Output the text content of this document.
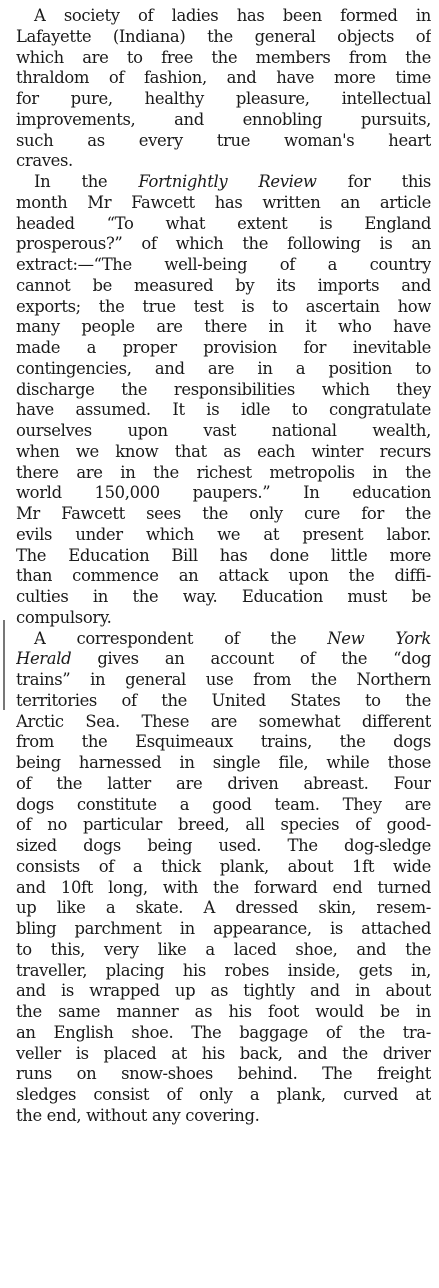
A society of ladies has been formed in
Lafayette (Indiana) the general objects of
which are to free the members from the
thraldom of fashion, and have more time
for pure, healthy pleasure, intellectual
improvements, and ennobling pursuits,
such as every true woman's heart
craves.
In the Fortnightly Review for this
month Mr Fawcett has written an article
headed “To what extent is England
prosperous?” of which the following is an
extract:—“The well-being of a country
cannot be measured by its imports and
exports; the true test is to ascertain how
many people are there in it who have
made a proper provision for inevitable
contingencies, and are in a position to
discharge the responsibilities which they
have assumed. It is idle to congratulate
ourselves upon vast national wealth,
when we know that as each winter recurs
there are in the richest metropolis in the
world 150,000 paupers.” In education
Mr Fawcett sees the only cure for the
evils under which we at present labor.
The Education Bill has done little more
than commence an attack upon the diffi-
culties in the way. Education must be
compulsory.
A correspondent of the New York
Herald gives an account of the “dog
trains” in general use from the Northern
territories of the United States to the
Arctic Sea. These are somewhat different
from the Esquimeaux trains, the dogs
being harnessed in single file, while those
of the latter are driven abreast. Four
dogs constitute a good team. They are
of no particular breed, all species of good-
sized dogs being used. The dog-sledge
consists of a thick plank, about 1ft wide
and 10ft long, with the forward end turned
up like a skate. A dressed skin, resem-
bling parchment in appearance, is attached
to this, very like a laced shoe, and the
traveller, placing his robes inside, gets in,
and is wrapped up as tightly and in about
the same manner as his foot would be in
an English shoe. The baggage of the tra-
veller is placed at his back, and the driver
runs on snow-shoes behind. The freight
sledges consist of only a plank, curved at
the end, without any covering.
